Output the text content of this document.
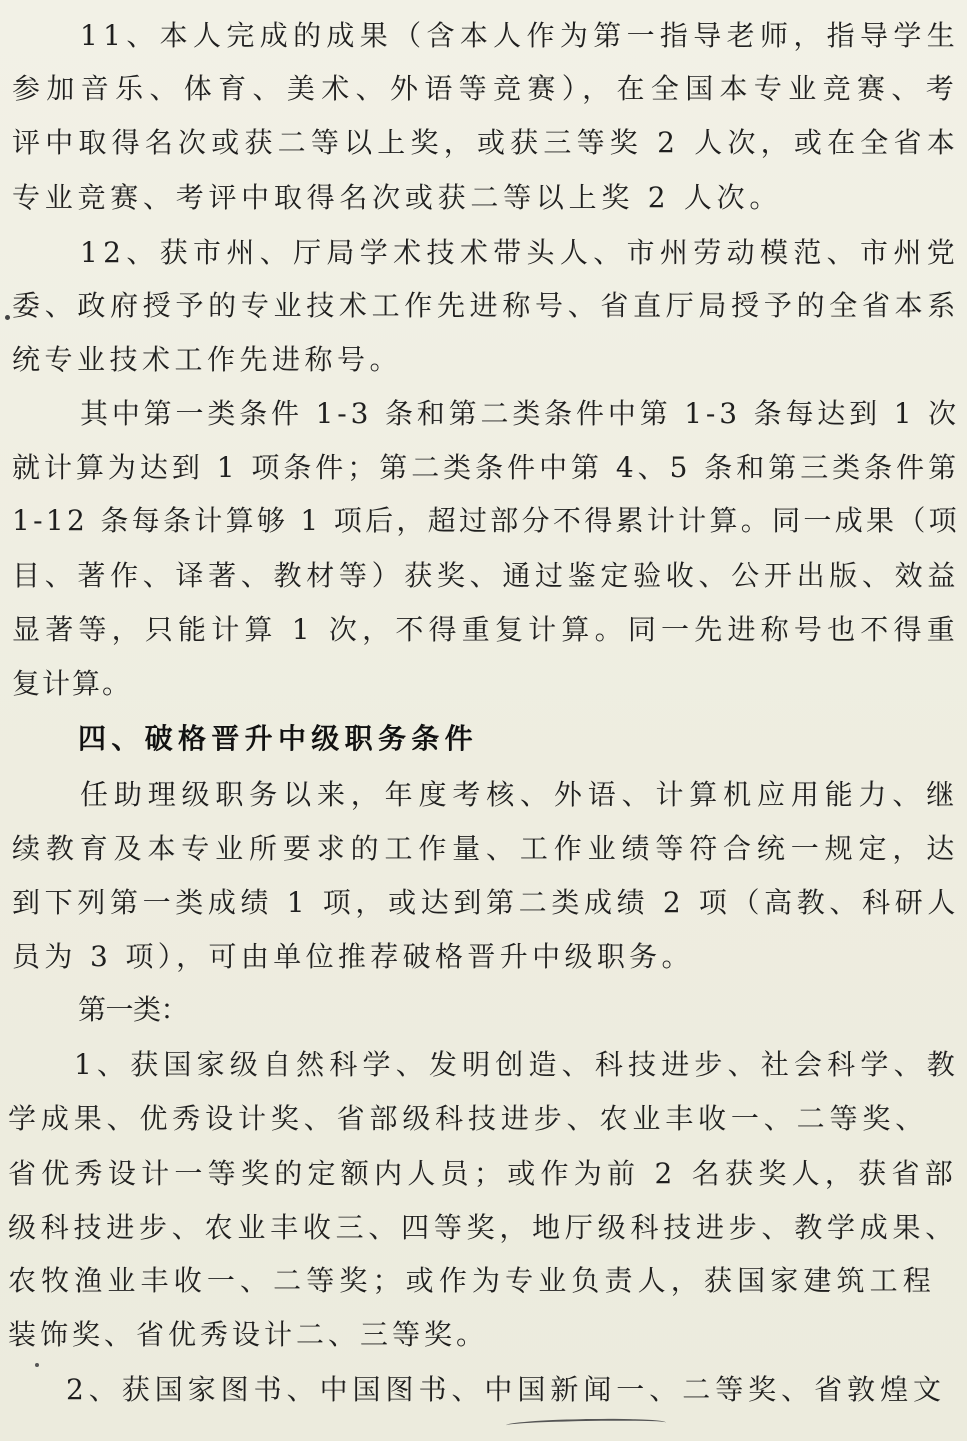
11、本人完成的成果（含本人作为第一指导老师，指导学生
参加音乐、体育、美术、外语等竞赛），在全国本专业竞赛、考
评中取得名次或获二等以上奖，或获三等奖 2 人次，或在全省本
专业竞赛、考评中取得名次或获二等以上奖 2 人次。
12、获市州、厅局学术技术带头人、市州劳动模范、市州党
委、政府授予的专业技术工作先进称号、省直厅局授予的全省本系
统专业技术工作先进称号。
其中第一类条件 1-3 条和第二类条件中第 1-3 条每达到 1 次
就计算为达到 1 项条件；第二类条件中第 4、5 条和第三类条件第
1-12 条每条计算够 1 项后，超过部分不得累计计算。同一成果（项
目、著作、译著、教材等）获奖、通过鉴定验收、公开出版、效益
显著等，只能计算 1 次，不得重复计算。同一先进称号也不得重
复计算。
四、破格晋升中级职务条件
任助理级职务以来，年度考核、外语、计算机应用能力、继
续教育及本专业所要求的工作量、工作业绩等符合统一规定，达
到下列第一类成绩 1 项，或达到第二类成绩 2 项（高教、科研人
员为 3 项），可由单位推荐破格晋升中级职务。
第一类：
1、获国家级自然科学、发明创造、科技进步、社会科学、教
学成果、优秀设计奖、省部级科技进步、农业丰收一、二等奖、
省优秀设计一等奖的定额内人员；或作为前 2 名获奖人，获省部
级科技进步、农业丰收三、四等奖，地厅级科技进步、教学成果、
农牧渔业丰收一、二等奖；或作为专业负责人，获国家建筑工程
装饰奖、省优秀设计二、三等奖。
2、获国家图书、中国图书、中国新闻一、二等奖、省敦煌文
